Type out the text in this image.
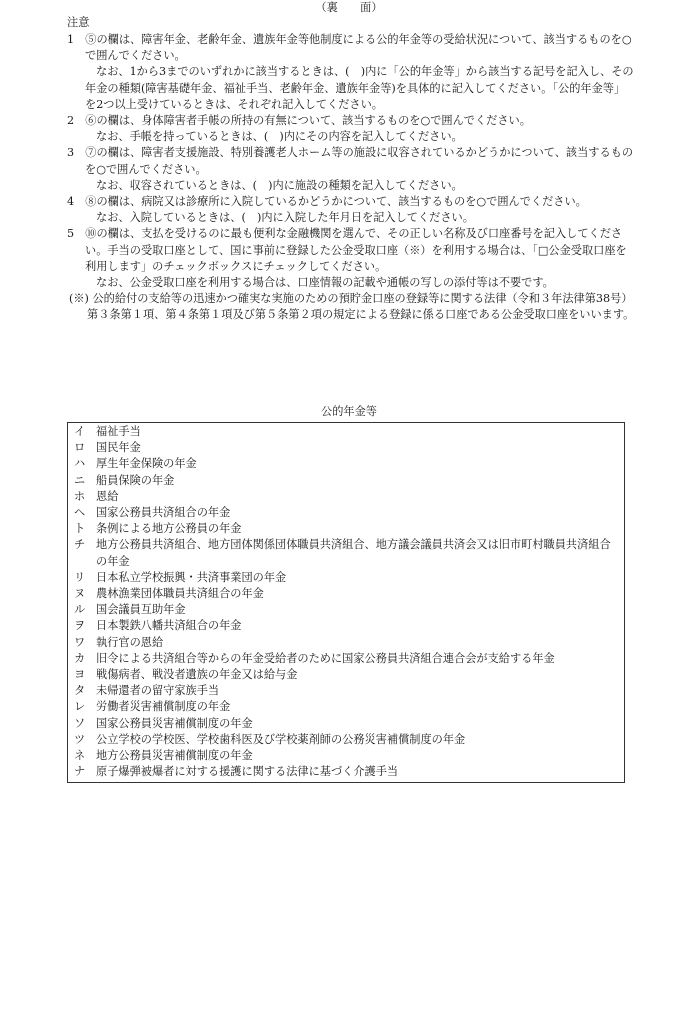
（裏　　面）
注意

1　⑤の欄は、障害年金、老齢年金、遺族年金等他制度による公的年金等の受給状況について、該当するものを○で囲んでください。

なお、1から3までのいずれかに該当するときは、(　)内に「公的年金等」から該当する記号を記入し、その年金の種類(障害基礎年金、福祉手当、老齢年金、遺族年金等)を具体的に記入してください。「公的年金等」を2つ以上受けているときは、それぞれ記入してください。

2　⑥の欄は、身体障害者手帳の所持の有無について、該当するものを○で囲んでください。

なお、手帳を持っているときは、(　)内にその内容を記入してください。

3　⑦の欄は、障害者支援施設、特別養護老人ホーム等の施設に収容されているかどうかについて、該当するものを○で囲んでください。

なお、収容されているときは、(　)内に施設の種類を記入してください。

4　⑧の欄は、病院又は診療所に入院しているかどうかについて、該当するものを○で囲んでください。

なお、入院しているときは、(　)内に入院した年月日を記入してください。

5　⑩の欄は、支払を受けるのに最も便利な金融機関を選んで、その正しい名称及び口座番号を記入してください。手当の受取口座として、国に事前に登録した公金受取口座（※）を利用する場合は、「□公金受取口座を利用します」のチェックボックスにチェックしてください。

なお、公金受取口座を利用する場合は、口座情報の記載や通帳の写しの添付等は不要です。

(※) 公的給付の支給等の迅速かつ確実な実施のための預貯金口座の登録等に関する法律（令和３年法律第38号）第３条第１項、第４条第１項及び第５条第２項の規定による登録に係る口座である公金受取口座をいいます。

公的年金等
イ 福祉手当
ロ 国民年金
ハ 厚生年金保険の年金
ニ 船員保険の年金
ホ 恩給
ヘ 国家公務員共済組合の年金
ト 条例による地方公務員の年金
チ 地方公務員共済組合、地方団体関係団体職員共済組合、地方議会議員共済会又は旧市町村職員共済組合の年金
リ 日本私立学校振興・共済事業団の年金
ヌ 農林漁業団体職員共済組合の年金
ル 国会議員互助年金
ヲ 日本製鉄八幡共済組合の年金
ワ 執行官の恩給
カ 旧令による共済組合等からの年金受給者のために国家公務員共済組合連合会が支給する年金
ヨ 戦傷病者、戦没者遺族の年金又は給与金
タ 未帰還者の留守家族手当
レ 労働者災害補償制度の年金
ソ 国家公務員災害補償制度の年金
ツ 公立学校の学校医、学校歯科医及び学校薬剤師の公務災害補償制度の年金
ネ 地方公務員災害補償制度の年金
ナ 原子爆弾被爆者に対する援護に関する法律に基づく介護手当
